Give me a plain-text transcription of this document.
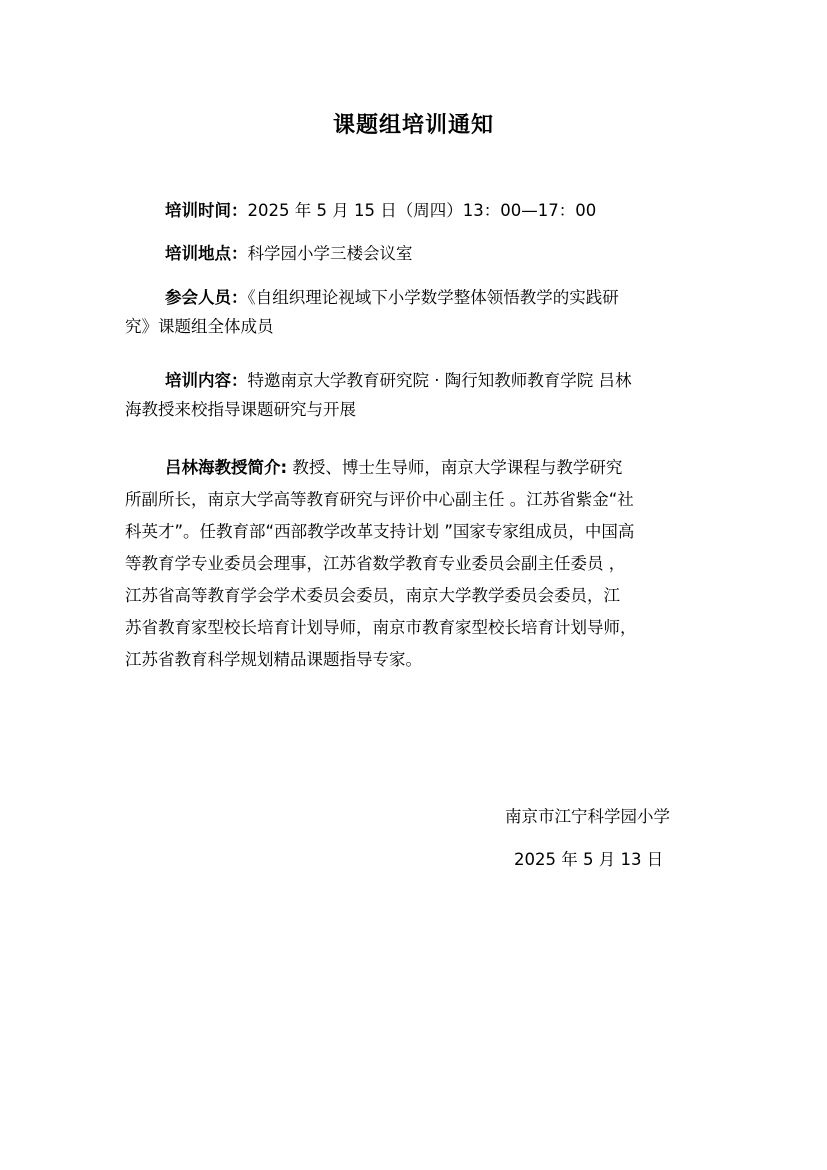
课题组培训通知
培训时间：2025 年 5 月 15 日（周四）13：00—17：00
培训地点：科学园小学三楼会议室
参会人员：《自组织理论视域下小学数学整体领悟教学的实践研
究》课题组全体成员
培训内容：特邀南京大学教育研究院 · 陶行知教师教育学院 吕林
海教授来校指导课题研究与开展
吕林海教授简介: 教授、博士生导师，南京大学课程与教学研究
所副所长，南京大学高等教育研究与评价中心副主任 。江苏省紫金“社
科英才”。任教育部“西部教学改革支持计划 ”国家专家组成员，中国高
等教育学专业委员会理事，江苏省数学教育专业委员会副主任委员 ，
江苏省高等教育学会学术委员会委员，南京大学教学委员会委员，江
苏省教育家型校长培育计划导师，南京市教育家型校长培育计划导师，
江苏省教育科学规划精品课题指导专家。
南京市江宁科学园小学
2025 年 5 月 13 日
